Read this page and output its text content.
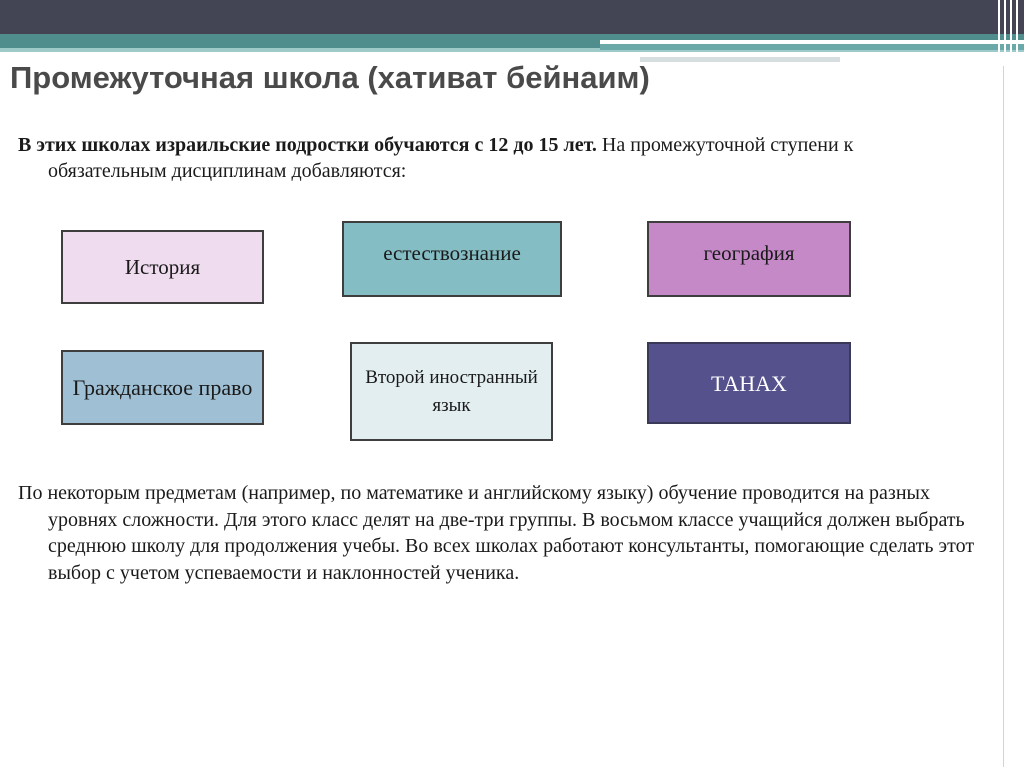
Промежуточная школа (хативат бейнаим)

В этих школах израильские подростки обучаются с 12 до 15 лет. На промежуточной ступени к обязательным дисциплинам добавляются:

История
естествознание	география
Гражданское право	Второй иностранный язык
ТАНАХ

По некоторым предметам (например, по математике и английскому языку) обучение проводится на разных уровнях сложности. Для этого класс делят на две-три группы. В восьмом классе учащийся должен выбрать среднюю школу для продолжения учебы. Во всех школах работают консультанты, помогающие сделать этот выбор с учетом успеваемости и наклонностей ученика.
